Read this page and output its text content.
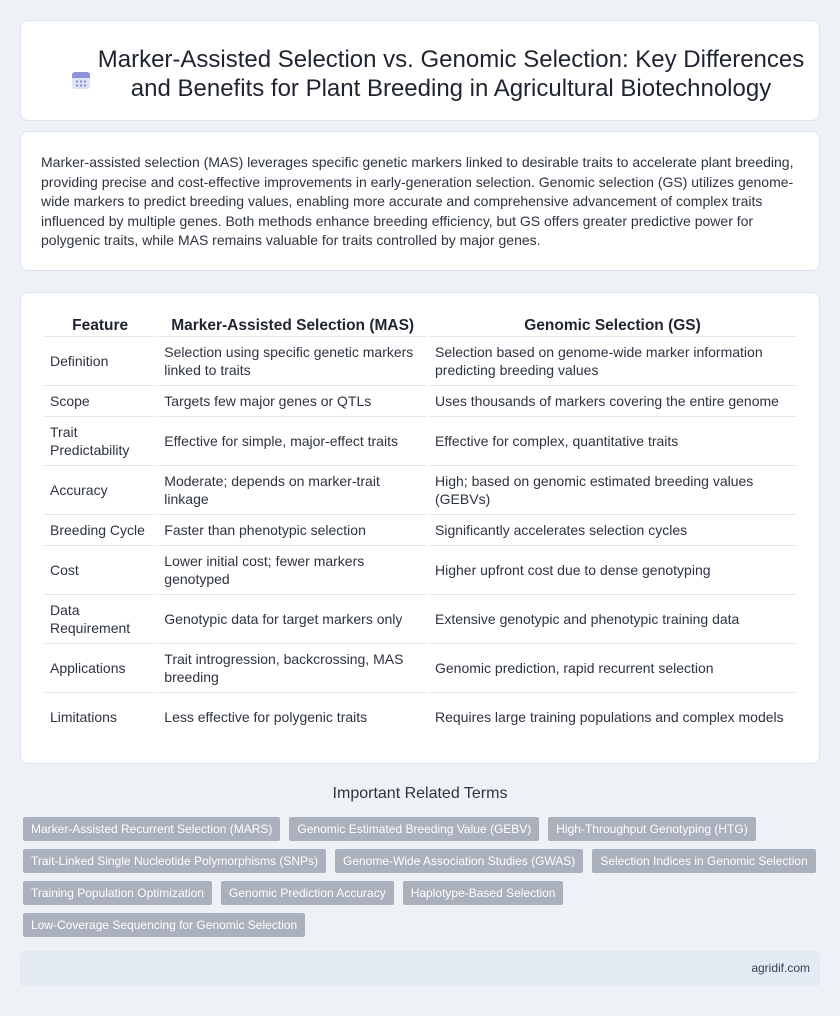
Marker-Assisted Selection vs. Genomic Selection: Key Differences and Benefits for Plant Breeding in Agricultural Biotechnology

Marker-assisted selection (MAS) leverages specific genetic markers linked to desirable traits to accelerate plant breeding, providing precise and cost-effective improvements in early-generation selection. Genomic selection (GS) utilizes genome-wide markers to predict breeding values, enabling more accurate and comprehensive advancement of complex traits influenced by multiple genes. Both methods enhance breeding efficiency, but GS offers greater predictive power for polygenic traits, while MAS remains valuable for traits controlled by major genes.

Feature	Marker-Assisted Selection (MAS)	Genomic Selection (GS)
Definition	Selection using specific genetic markers linked to traits	Selection based on genome-wide marker information predicting breeding values
Scope	Targets few major genes or QTLs	Uses thousands of markers covering the entire genome
Trait Predictability	Effective for simple, major-effect traits	Effective for complex, quantitative traits
Accuracy	Moderate; depends on marker-trait linkage	High; based on genomic estimated breeding values (GEBVs)
Breeding Cycle	Faster than phenotypic selection	Significantly accelerates selection cycles
Cost	Lower initial cost; fewer markers genotyped	Higher upfront cost due to dense genotyping
Data Requirement	Genotypic data for target markers only	Extensive genotypic and phenotypic training data
Applications	Trait introgression, backcrossing, MAS breeding	Genomic prediction, rapid recurrent selection
Limitations	Less effective for polygenic traits	Requires large training populations and complex models
Important Related Terms
Marker-Assisted Recurrent Selection (MARS)	Genomic Estimated Breeding Value (GEBV)	High-Throughput Genotyping (HTG)
Trait-Linked Single Nucleotide Polymorphisms (SNPs)	Genome-Wide Association Studies (GWAS)	Selection Indices in Genomic Selection
Training Population Optimization	Genomic Prediction Accuracy	Haplotype-Based Selection
Low-Coverage Sequencing for Genomic Selection
agridif.com
